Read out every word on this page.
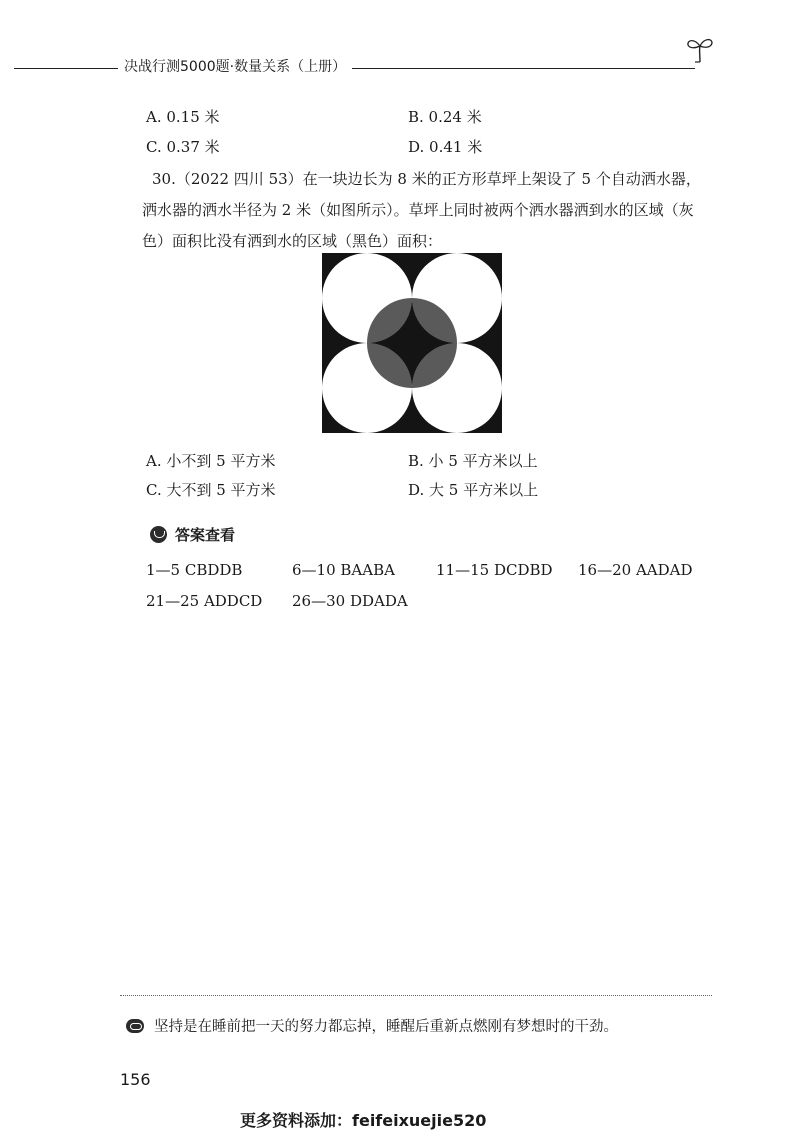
决战行测5000题·数量关系（上册）
A. 0.15 米	B. 0.24 米
C. 0.37 米	D. 0.41 米
30.（2022 四川 53）在一块边长为 8 米的正方形草坪上架设了 5 个自动洒水器，
洒水器的洒水半径为 2 米（如图所示）。草坪上同时被两个洒水器洒到水的区域（灰
色）面积比没有洒到水的区域（黑色）面积：
A. 小不到 5 平方米	B. 小 5 平方米以上
C. 大不到 5 平方米	D. 大 5 平方米以上
答案查看
1—5 CBDDB	6—10 BAABA	11—15 DCDBD 16—20 AADAD
21—25 ADDCD 26—30 DDADA
坚持是在睡前把一天的努力都忘掉，睡醒后重新点燃刚有梦想时的干劲。
156
更多资料添加：feifeixuejie520
